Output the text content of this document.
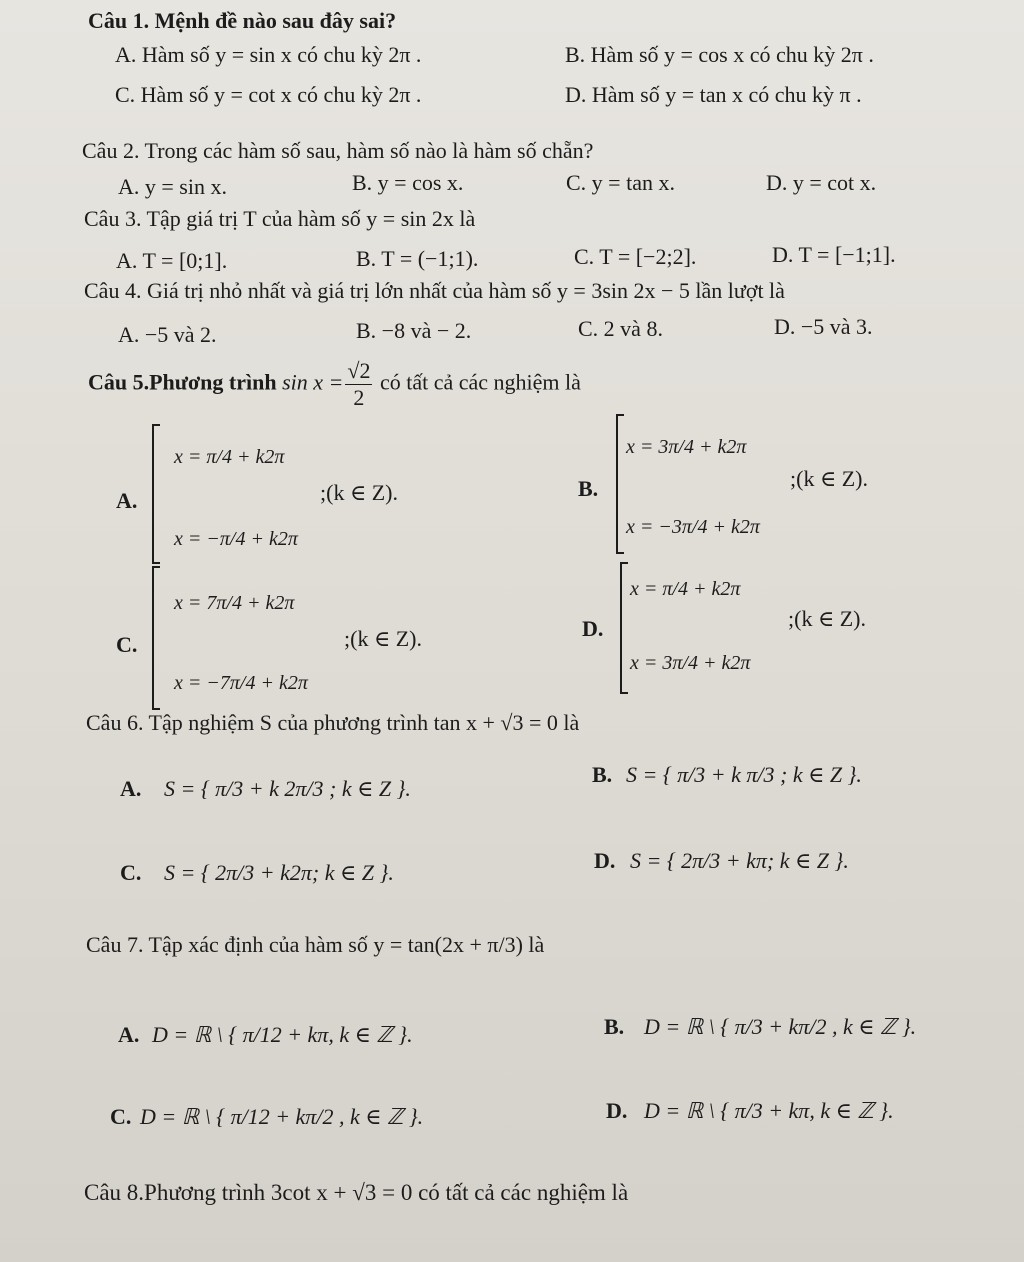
Câu 1. Mệnh đề nào sau đây sai?
A. Hàm số y = sin x có chu kỳ 2π .	B. Hàm số y = cos x có chu kỳ 2π .
C. Hàm số y = cot x có chu kỳ 2π .	D. Hàm số y = tan x có chu kỳ π .
Câu 2. Trong các hàm số sau, hàm số nào là hàm số chẵn?
A. y = sin x.	B. y = cos x.	C. y = tan x.	D. y = cot x.
Câu 3. Tập giá trị T của hàm số y = sin 2x là
A. T = [0;1].	B. T = (−1;1).	C. T = [−2;2].	D. T = [−1;1].
Câu 4. Giá trị nhỏ nhất và giá trị lớn nhất của hàm số y = 3sin 2x − 5 lần lượt là
A. −5 và 2.	B. −8 và − 2.	C. 2 và 8.	D. −5 và 3.
Câu 5.Phương trình $\sin x = \frac{√2}{2}$ có tất cả các nghiệm là
A.
x = π/4 + k2π
x = −π/4 + k2π
;(k ∈ Z).	B.
x = 3π/4 + k2π
x = −3π/4 + k2π
;(k ∈ Z).
C.
x = 7π/4 + k2π
x = −7π/4 + k2π
;(k ∈ Z).	D.
x = π/4 + k2π
x = 3π/4 + k2π
;(k ∈ Z).
Câu 6. Tập nghiệm S của phương trình tan x + √3 = 0 là
A. S = { π/3 + k 2π/3 ; k ∈ Z }.
B. S = { π/3 + k π/3 ; k ∈ Z }.
C. S = { 2π/3 + k2π; k ∈ Z }.	D. S = { 2π/3 + kπ; k ∈ Z }.
Câu 7. Tập xác định của hàm số y = tan(2x + π/3) là
A. D = ℝ \ { π/12 + kπ, k ∈ ℤ }.	B. D = ℝ \ { π/3 + kπ/2 , k ∈ ℤ }.
C. D = ℝ \ { π/12 + kπ/2 , k ∈ ℤ }.	D. D = ℝ \ { π/3 + kπ, k ∈ ℤ }.
Câu 8.Phương trình 3cot x + √3 = 0 có tất cả các nghiệm là
